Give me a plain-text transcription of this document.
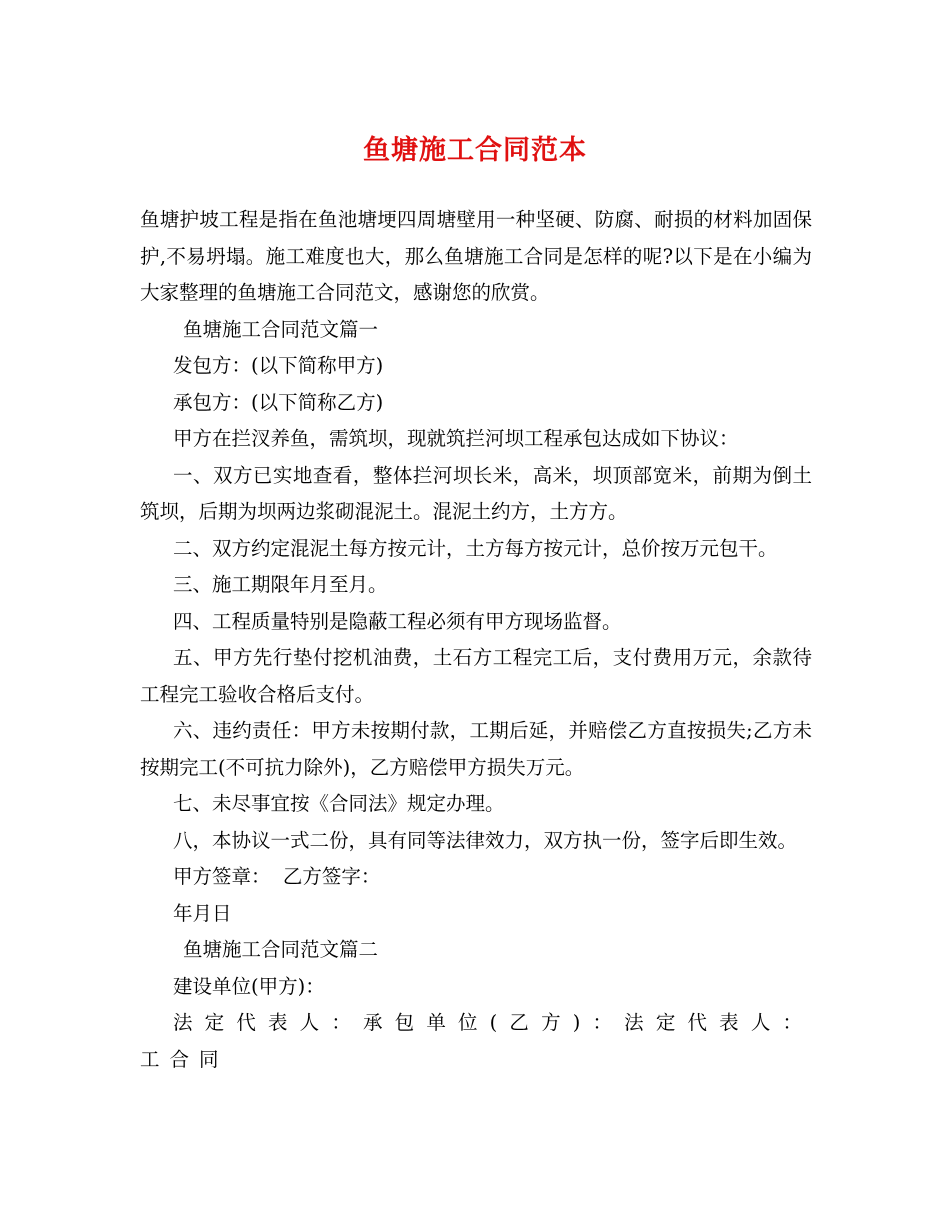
鱼塘施工合同范本

鱼塘护坡工程是指在鱼池塘埂四周塘壁用一种坚硬、防腐、耐损的材料加固保护,不易坍塌。施工难度也大，那么鱼塘施工合同是怎样的呢?以下是在小编为大家整理的鱼塘施工合同范文，感谢您的欣赏。

鱼塘施工合同范文篇一

发包方：(以下简称甲方)

承包方：(以下简称乙方)

甲方在拦汊养鱼，需筑坝，现就筑拦河坝工程承包达成如下协议：

一、双方已实地查看，整体拦河坝长米，高米，坝顶部宽米，前期为倒土筑坝，后期为坝两边浆砌混泥土。混泥土约方，土方方。

二、双方约定混泥土每方按元计，土方每方按元计，总价按万元包干。

三、施工期限年月至月。

四、工程质量特别是隐蔽工程必须有甲方现场监督。

五、甲方先行垫付挖机油费，土石方工程完工后，支付费用万元，余款待工程完工验收合格后支付。

六、违约责任：甲方未按期付款，工期后延，并赔偿乙方直按损失;乙方未按期完工(不可抗力除外)，乙方赔偿甲方损失万元。

七、未尽事宜按《合同法》规定办理。

八，本协议一式二份，具有同等法律效力，双方执一份，签字后即生效。

甲方签章：  乙方签字：

年月日

鱼塘施工合同范文篇二

建设单位(甲方)：

法定代表人：承包单位(乙方)：法定代表人： 工合同
